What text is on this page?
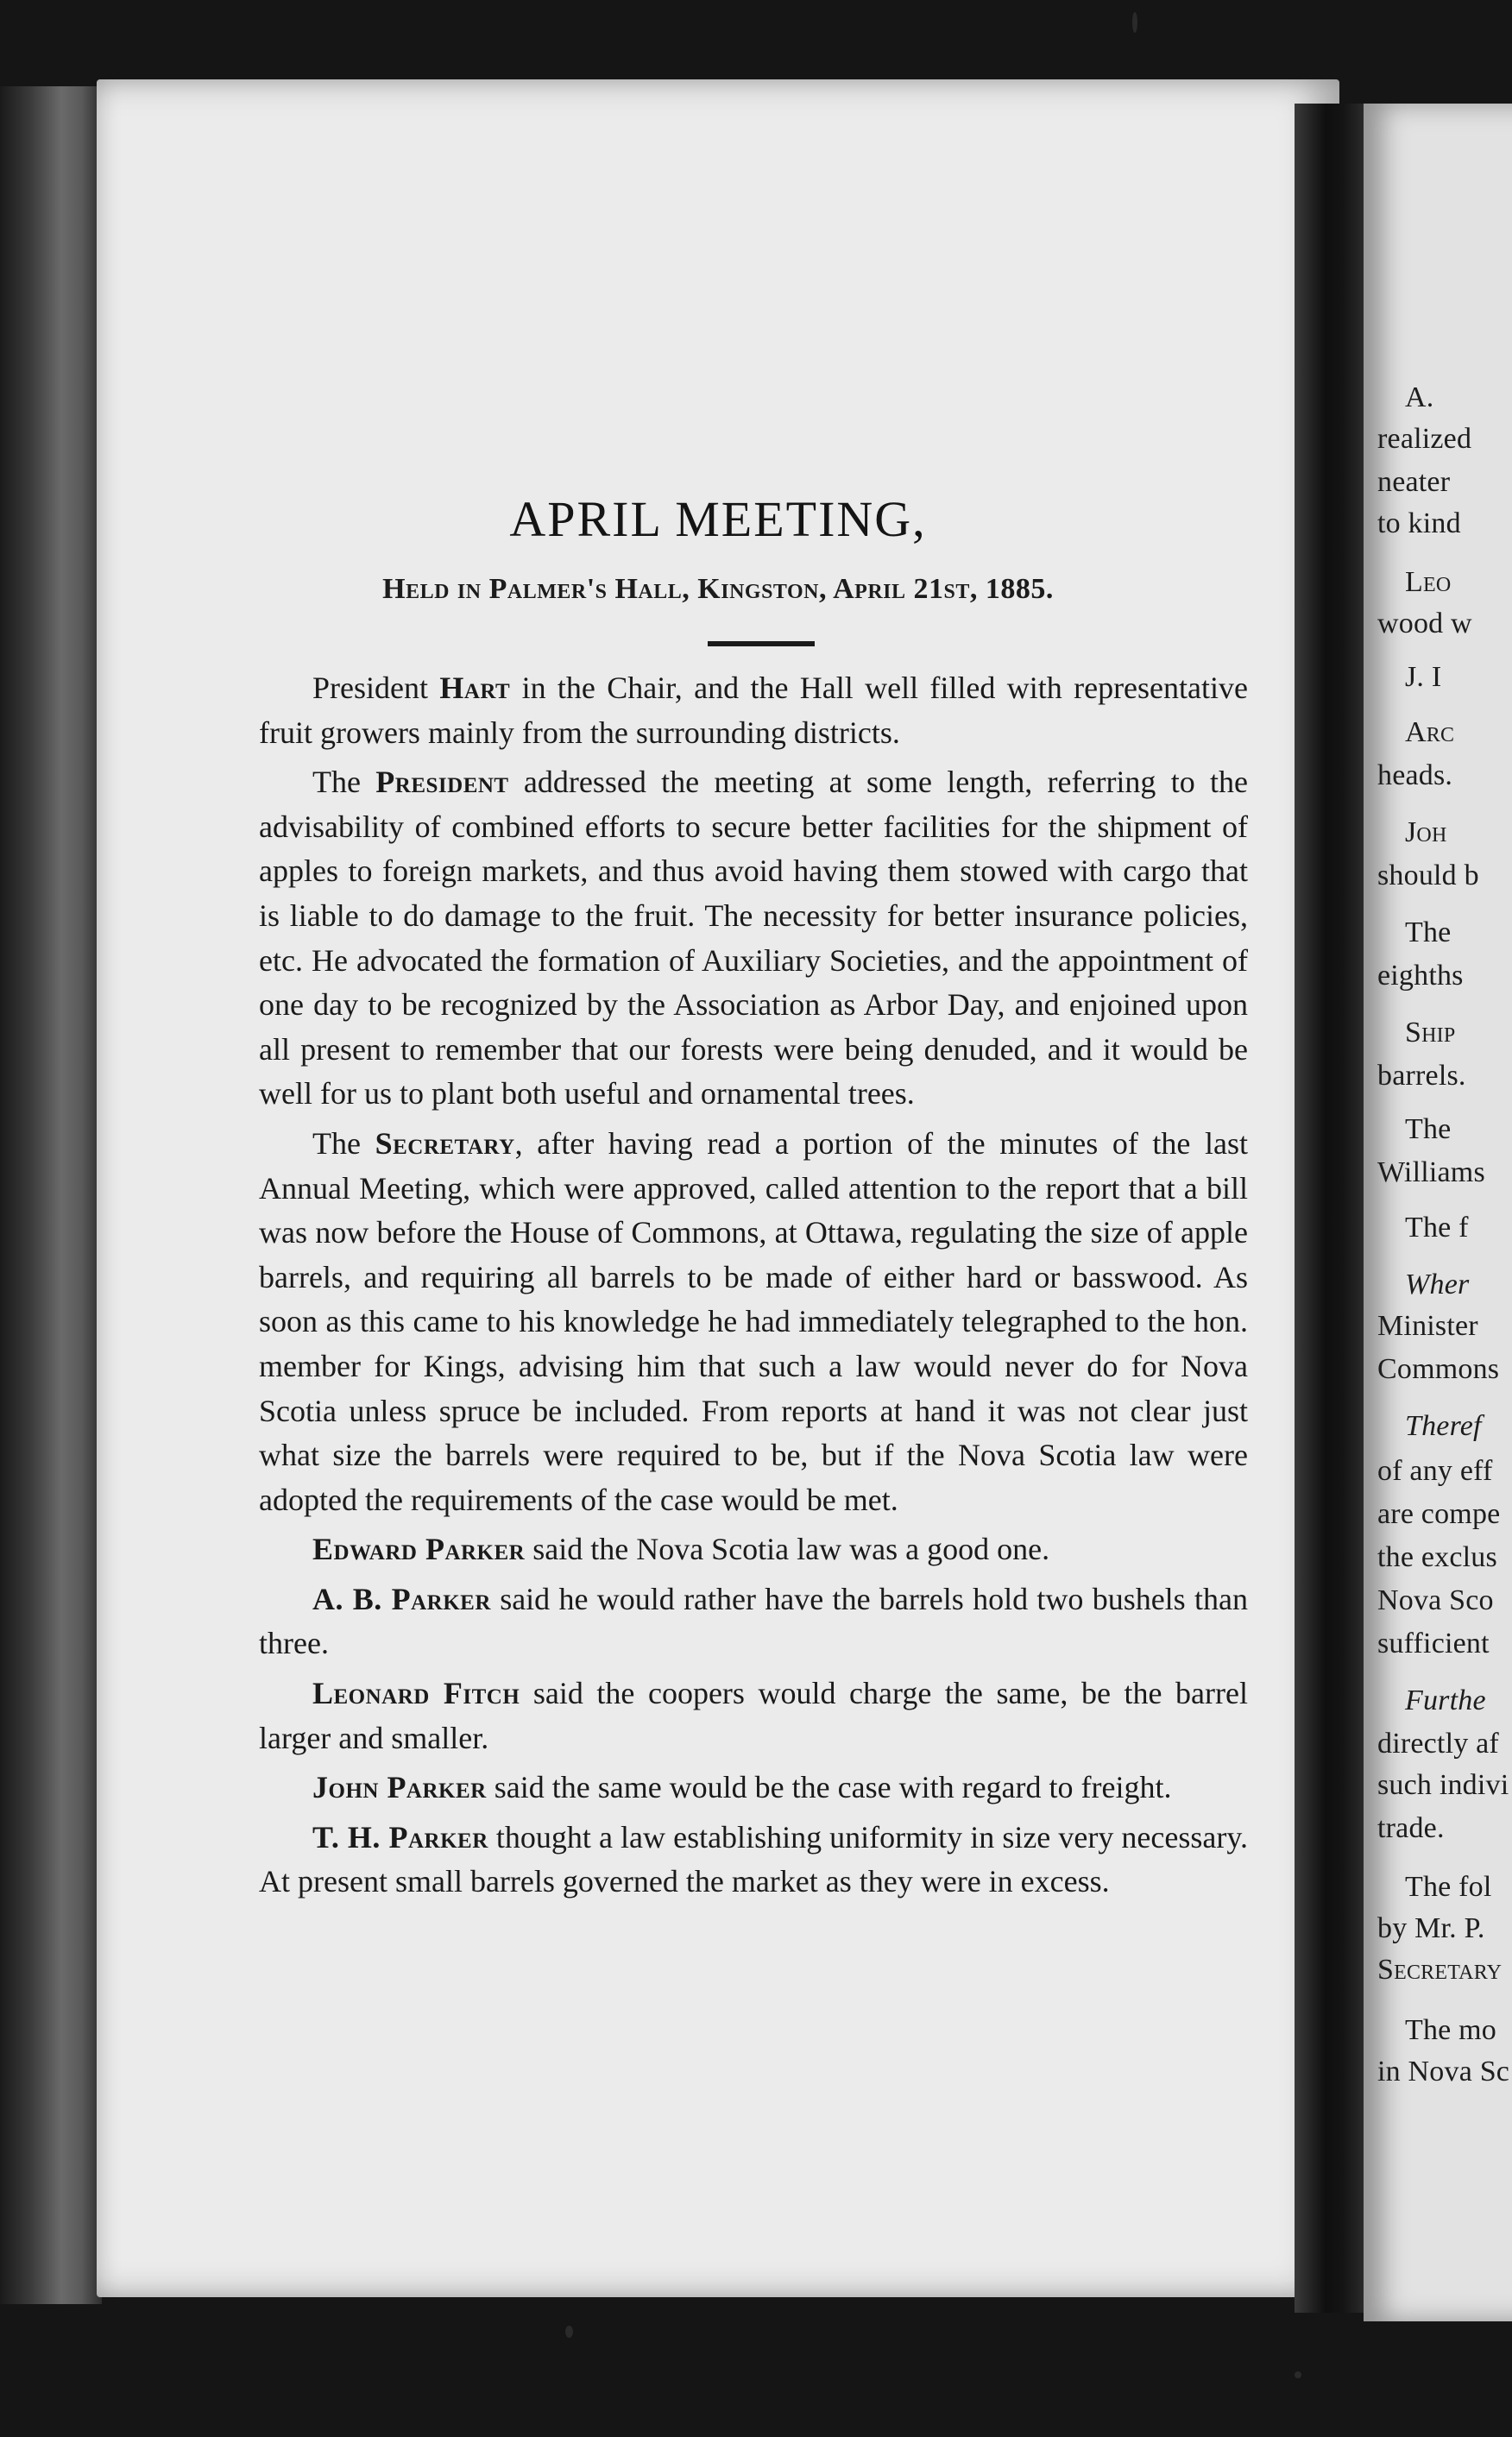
A.
realized
neater
to kind
Leo
wood w
J. I
Arc
heads.
Joh
should b
The
eighths
Ship
barrels.
The
Williams
The f
Wher
Minister
Commons
Theref
of any eff
are compe
the exclus
Nova Sco
sufficient
Furthe
directly af
such indivi
trade.
The fol
by Mr. P.
Secretary
The mo
in Nova Sc
APRIL MEETING,
Held in Palmer's Hall, Kingston, April 21st, 1885.

President Hart in the Chair, and the Hall well filled with representative fruit growers mainly from the surrounding districts.

The President addressed the meeting at some length, referring to the advisability of combined efforts to secure better facilities for the shipment of apples to foreign markets, and thus avoid having them stowed with cargo that is liable to do damage to the fruit. The necessity for better insurance policies, etc. He advocated the formation of Auxiliary Societies, and the appointment of one day to be recognized by the Association as Arbor Day, and enjoined upon all present to remember that our forests were being denuded, and it would be well for us to plant both useful and ornamental trees.

The Secretary, after having read a portion of the minutes of the last Annual Meeting, which were approved, called attention to the report that a bill was now before the House of Commons, at Ottawa, regulating the size of apple barrels, and requiring all barrels to be made of either hard or basswood. As soon as this came to his knowledge he had immediately telegraphed to the hon. member for Kings, advising him that such a law would never do for Nova Scotia unless spruce be included. From reports at hand it was not clear just what size the barrels were required to be, but if the Nova Scotia law were adopted the requirements of the case would be met.

Edward Parker said the Nova Scotia law was a good one.

A. B. Parker said he would rather have the barrels hold two bushels than three.

Leonard Fitch said the coopers would charge the same, be the barrel larger and smaller.

John Parker said the same would be the case with regard to freight.

T. H. Parker thought a law establishing uniformity in size very necessary. At present small barrels governed the market as they were in excess.
